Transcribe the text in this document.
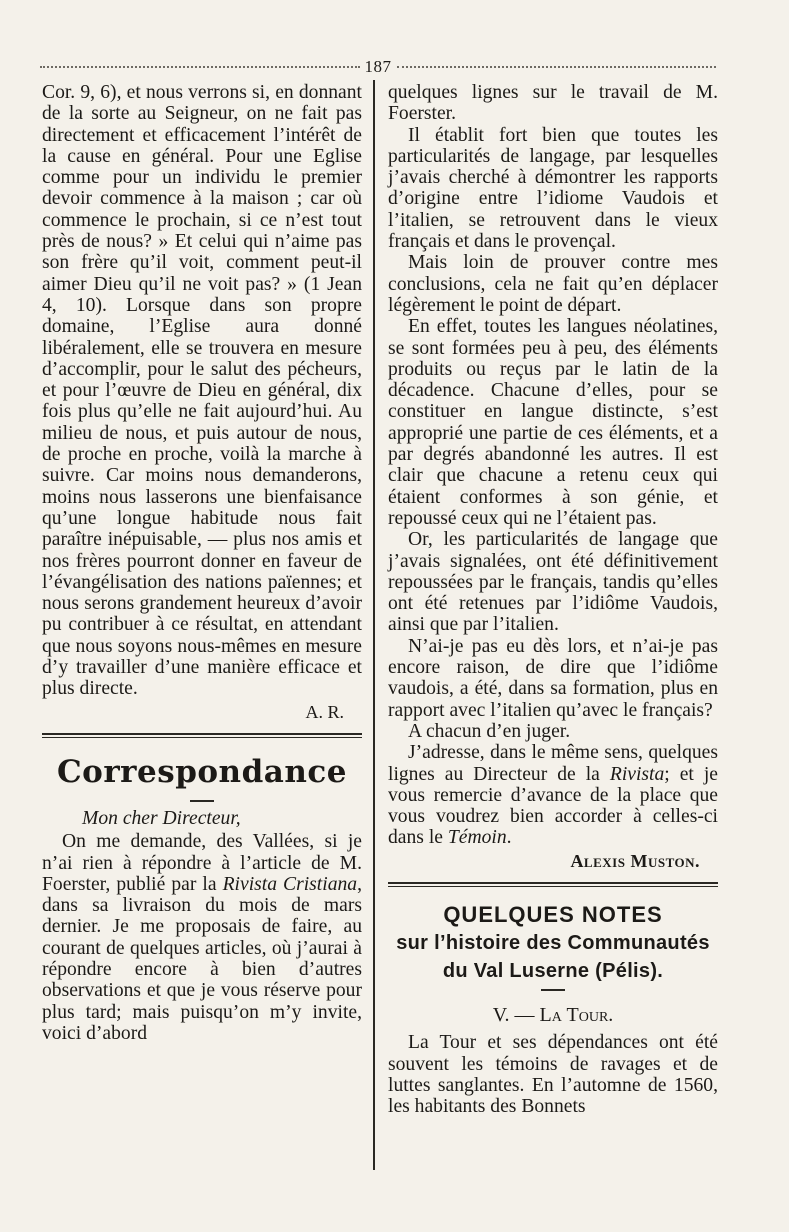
187

Cor. 9, 6), et nous verrons si, en donnant de la sorte au Seigneur, on ne fait pas directement et efficacement l’intérêt de la cause en général. Pour une Eglise comme pour un individu le premier devoir commence à la maison ; car où commence le prochain, si ce n’est tout près de nous? » Et celui qui n’aime pas son frère qu’il voit, comment peut-il aimer Dieu qu’il ne voit pas? » (1 Jean 4, 10). Lorsque dans son propre domaine, l’Eglise aura donné libéralement, elle se trouvera en mesure d’accomplir, pour le salut des pécheurs, et pour l’œuvre de Dieu en général, dix fois plus qu’elle ne fait aujourd’hui. Au milieu de nous, et puis autour de nous, de proche en proche, voilà la marche à suivre. Car moins nous demanderons, moins nous lasserons une bienfaisance qu’une longue habitude nous fait paraître inépuisable, — plus nos amis et nos frères pourront donner en faveur de l’évangélisation des nations païennes; et nous serons grandement heureux d’avoir pu contribuer à ce résultat, en attendant que nous soyons nous-mêmes en mesure d’y travailler d’une manière efficace et plus directe.

A. R.

Correspondance

Mon cher Directeur,

On me demande, des Vallées, si je n’ai rien à répondre à l’article de M. Foerster, publié par la Rivista Cristiana, dans sa livraison du mois de mars dernier. Je me proposais de faire, au courant de quelques articles, où j’aurai à répondre encore à bien d’autres observations et que je vous réserve pour plus tard; mais puisqu’on m’y invite, voici d’abord

quelques lignes sur le travail de M. Foerster.

Il établit fort bien que toutes les particularités de langage, par lesquelles j’avais cherché à démontrer les rapports d’origine entre l’idiome Vaudois et l’italien, se retrouvent dans le vieux français et dans le provençal.

Mais loin de prouver contre mes conclusions, cela ne fait qu’en déplacer légèrement le point de départ.

En effet, toutes les langues néolatines, se sont formées peu à peu, des éléments produits ou reçus par le latin de la décadence. Chacune d’elles, pour se constituer en langue distincte, s’est approprié une partie de ces éléments, et a par degrés abandonné les autres. Il est clair que chacune a retenu ceux qui étaient conformes à son génie, et repoussé ceux qui ne l’étaient pas.

Or, les particularités de langage que j’avais signalées, ont été définitivement repoussées par le français, tandis qu’elles ont été retenues par l’idiôme Vaudois, ainsi que par l’italien.

N’ai-je pas eu dès lors, et n’ai-je pas encore raison, de dire que l’idiôme vaudois, a été, dans sa formation, plus en rapport avec l’italien qu’avec le français?

A chacun d’en juger.

J’adresse, dans le même sens, quelques lignes au Directeur de la Rivista; et je vous remercie d’avance de la place que vous voudrez bien accorder à celles-ci dans le Témoin.

Alexis Muston.

QUELQUES NOTES
sur l’histoire des Communautés
du Val Luserne (Pélis).
V. — La Tour.

La Tour et ses dépendances ont été souvent les témoins de ravages et de luttes sanglantes. En l’automne de 1560, les habitants des Bonnets
